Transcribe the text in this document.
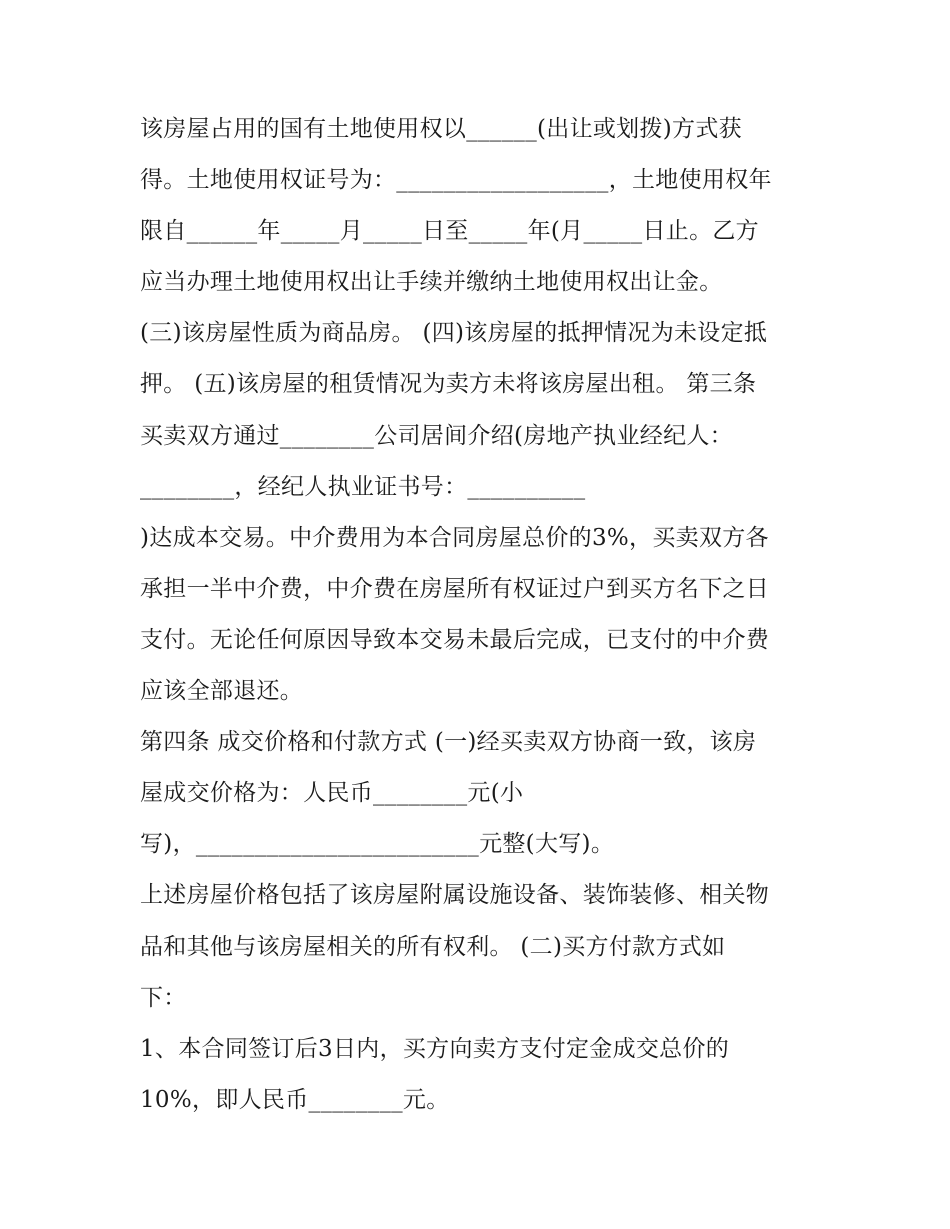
该房屋占用的国有土地使用权以______(出让或划拨)方式获
得。土地使用权证号为：__________________，土地使用权年
限自______年_____月_____日至_____年(月_____日止。乙方
应当办理土地使用权出让手续并缴纳土地使用权出让金。
(三)该房屋性质为商品房。 (四)该房屋的抵押情况为未设定抵
押。 (五)该房屋的租赁情况为卖方未将该房屋出租。 第三条
买卖双方通过________公司居间介绍(房地产执业经纪人：
________，经纪人执业证书号：__________
)达成本交易。中介费用为本合同房屋总价的3%，买卖双方各
承担一半中介费，中介费在房屋所有权证过户到买方名下之日
支付。无论任何原因导致本交易未最后完成，已支付的中介费
应该全部退还。
第四条 成交价格和付款方式 (一)经买卖双方协商一致，该房
屋成交价格为：人民币________元(小
写)，________________________元整(大写)。
上述房屋价格包括了该房屋附属设施设备、装饰装修、相关物
品和其他与该房屋相关的所有权利。 (二)买方付款方式如
下：
1、本合同签订后3日内，买方向卖方支付定金成交总价的
10%，即人民币________元。
